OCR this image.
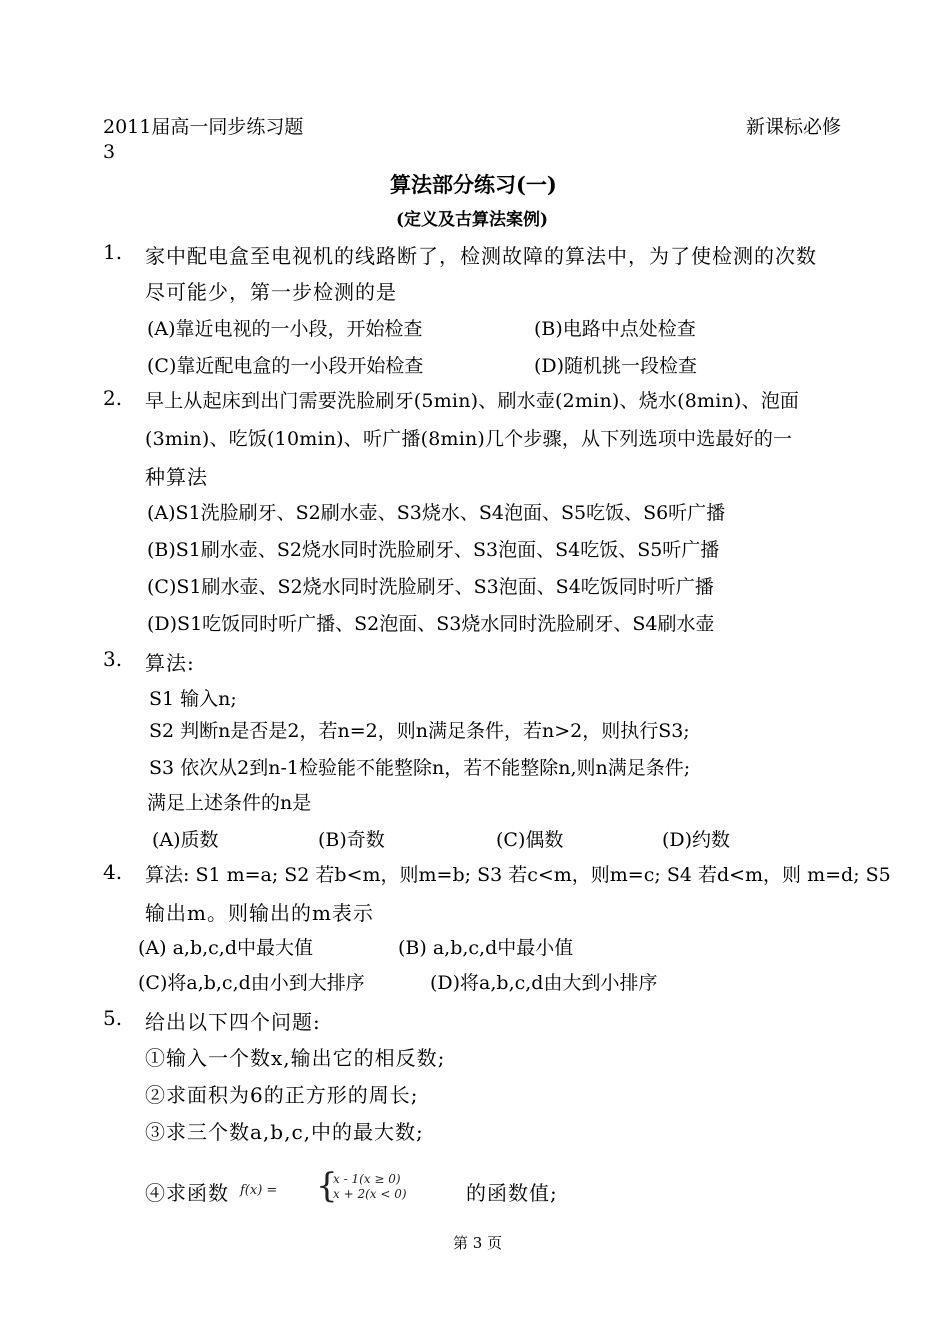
2011届高一同步练习题
3
新课标必修
算法部分练习(一)
(定义及古算法案例)
1. 家中配电盒至电视机的线路断了，检测故障的算法中，为了使检测的次数
尽可能少，第一步检测的是
(A)靠近电视的一小段，开始检查	(B)电路中点处检查
(C)靠近配电盒的一小段开始检查	(D)随机挑一段检查
2. 早上从起床到出门需要洗脸刷牙(5min)、刷水壶(2min)、烧水(8min)、泡面
(3min)、吃饭(10min)、听广播(8min)几个步骤，从下列选项中选最好的一
种算法
(A)S1洗脸刷牙、S2刷水壶、S3烧水、S4泡面、S5吃饭、S6听广播
(B)S1刷水壶、S2烧水同时洗脸刷牙、S3泡面、S4吃饭、S5听广播
(C)S1刷水壶、S2烧水同时洗脸刷牙、S3泡面、S4吃饭同时听广播
(D)S1吃饭同时听广播、S2泡面、S3烧水同时洗脸刷牙、S4刷水壶
3. 算法:
S1 输入n;
S2 判断n是否是2，若n=2，则n满足条件，若n>2，则执行S3;
S3 依次从2到n-1检验能不能整除n，若不能整除n,则n满足条件;
满足上述条件的n是
(A)质数	(B)奇数	(C)偶数	(D)约数
4. 算法: S1 m=a; S2 若b<m，则m=b; S3 若c<m，则m=c; S4 若d<m，则 m=d; S5
输出m。则输出的m表示
(A) a,b,c,d中最大值	(B) a,b,c,d中最小值
(C)将a,b,c,d由小到大排序	(D)将a,b,c,d由大到小排序
5. 给出以下四个问题:
①输入一个数x,输出它的相反数;
②求面积为6的正方形的周长;
③求三个数a,b,c,中的最大数;
④求函数 f(x) = {
x - 1(x ≥ 0)
x + 2(x < 0)	的函数值;
第 3 页
